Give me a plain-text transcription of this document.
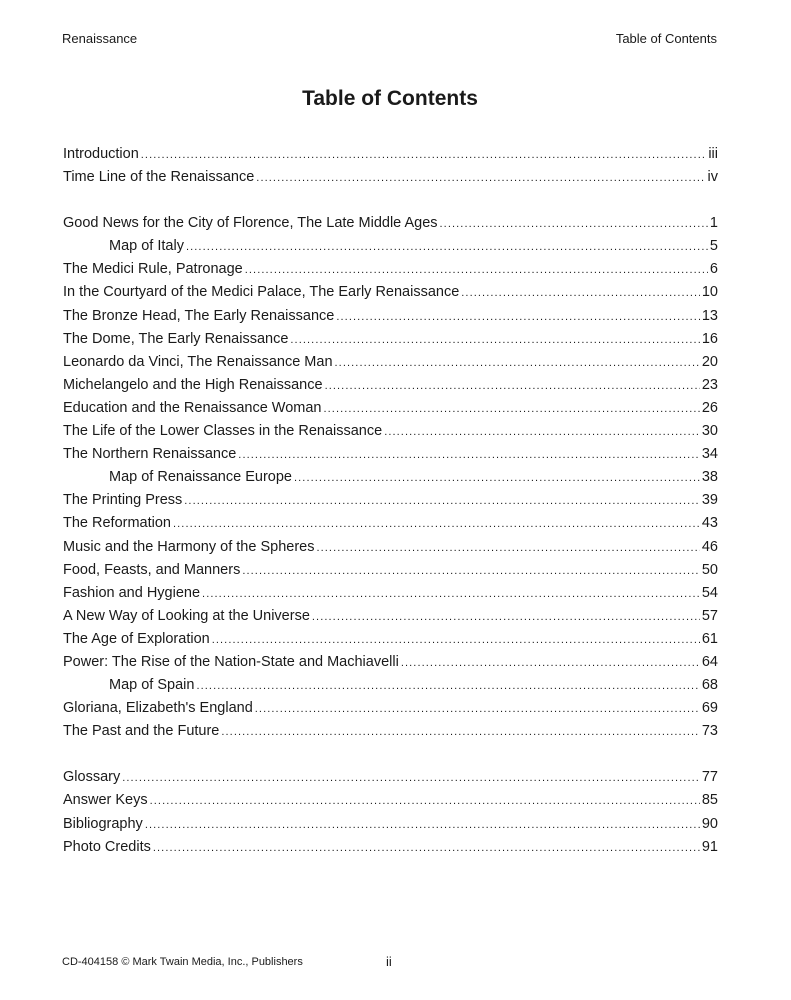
Renaissance	Table of Contents
Table of Contents
Introduction .....	iii
Time Line of the Renaissance .....	iv
Good News for the City of Florence, The Late Middle Ages .....	1
Map of Italy .....	5
The Medici Rule, Patronage .....	6
In the Courtyard of the Medici Palace, The Early Renaissance .....	10
The Bronze Head, The Early Renaissance .....	13
The Dome, The Early Renaissance .....	16
Leonardo da Vinci, The Renaissance Man .....	20
Michelangelo and the High Renaissance .....	23
Education and the Renaissance Woman .....	26
The Life of the Lower Classes in the Renaissance .....	30
The Northern Renaissance .....	34
Map of Renaissance Europe .....	38
The Printing Press .....	39
The Reformation .....	43
Music and the Harmony of the Spheres .....	46
Food, Feasts, and Manners .....	50
Fashion and Hygiene .....	54
A New Way of Looking at the Universe .....	57
The Age of Exploration .....	61
Power: The Rise of the Nation-State and Machiavelli .....	64
Map of Spain .....	68
Gloriana, Elizabeth's England .....	69
The Past and the Future .....	73
Glossary .....	77
Answer Keys .....	85
Bibliography .....	90
Photo Credits .....	91
CD-404158 © Mark Twain Media, Inc., Publishers	ii
